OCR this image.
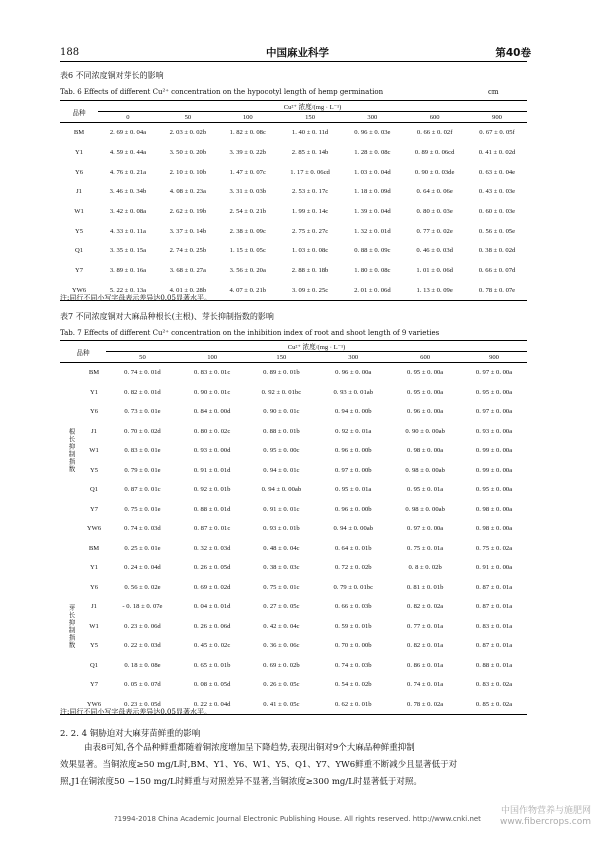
188	中国麻业科学	第40卷
表6 不同浓度铜对芽长的影响
Tab. 6 Effects of different Cu²⁺ concentration on the hypocotyl length of hemp germination	cm
品种	Cu²⁺ 浓度/(mg · L⁻¹)						
	0	50	100	150	300	600	900
BM	2. 69 ± 0. 04a	2. 03 ± 0. 02b	1. 82 ± 0. 08c	1. 40 ± 0. 11d	0. 96 ± 0. 03e	0. 66 ± 0. 02f	0. 67 ± 0. 05f
Y1	4. 59 ± 0. 44a	3. 50 ± 0. 20b	3. 39 ± 0. 22b	2. 85 ± 0. 14b	1. 28 ± 0. 08c	0. 89 ± 0. 06cd	0. 41 ± 0. 02d
Y6	4. 76 ± 0. 21a	2. 10 ± 0. 10b	1. 47 ± 0. 07c	1. 17 ± 0. 06cd	1. 03 ± 0. 04d	0. 90 ± 0. 03de	0. 63 ± 0. 04e
J1	3. 46 ± 0. 34b	4. 08 ± 0. 23a	3. 31 ± 0. 03b	2. 53 ± 0. 17c	1. 18 ± 0. 09d	0. 64 ± 0. 06e	0. 43 ± 0. 03e
W1	3. 42 ± 0. 08a	2. 62 ± 0. 19b	2. 54 ± 0. 21b	1. 99 ± 0. 14c	1. 39 ± 0. 04d	0. 80 ± 0. 03e	0. 60 ± 0. 03e
Y5	4. 33 ± 0. 11a	3. 37 ± 0. 14b	2. 38 ± 0. 09c	2. 75 ± 0. 27c	1. 32 ± 0. 01d	0. 77 ± 0. 02e	0. 56 ± 0. 05e
Q1	3. 35 ± 0. 15a	2. 74 ± 0. 25b	1. 15 ± 0. 05c	1. 03 ± 0. 08c	0. 88 ± 0. 09c	0. 46 ± 0. 03d	0. 38 ± 0. 02d
Y7	3. 89 ± 0. 16a	3. 68 ± 0. 27a	3. 56 ± 0. 20a	2. 88 ± 0. 18b	1. 80 ± 0. 08c	1. 01 ± 0. 06d	0. 66 ± 0. 07d
YW6	5. 22 ± 0. 13a	4. 01 ± 0. 28b	4. 07 ± 0. 21b	3. 09 ± 0. 25c	2. 01 ± 0. 06d	1. 13 ± 0. 09e	0. 78 ± 0. 07e
注:同行不同小写字母表示差异达0.05显著水平。
表7 不同浓度铜对大麻品种根长(主根)、芽长抑制指数的影响
Tab. 7 Effects of different Cu²⁺ concentration on the inhibition index of root and shoot length of 9 varieties
品种		Cu²⁺ 浓度/(mg · L⁻¹)					
		50	100	150	300	600	900
根长抑制指数	BM	0. 74 ± 0. 01d	0. 83 ± 0. 01c	0. 89 ± 0. 01b	0. 96 ± 0. 00a	0. 95 ± 0. 00a	0. 97 ± 0. 00a
	Y1	0. 82 ± 0. 01d	0. 90 ± 0. 01c	0. 92 ± 0. 01bc	0. 93 ± 0. 01ab	0. 95 ± 0. 00a	0. 95 ± 0. 00a
	Y6	0. 73 ± 0. 01e	0. 84 ± 0. 00d	0. 90 ± 0. 01c	0. 94 ± 0. 00b	0. 96 ± 0. 00a	0. 97 ± 0. 00a
	J1	0. 70 ± 0. 02d	0. 80 ± 0. 02c	0. 88 ± 0. 01b	0. 92 ± 0. 01a	0. 90 ± 0. 00ab	0. 93 ± 0. 00a
	W1	0. 83 ± 0. 01e	0. 93 ± 0. 00d	0. 95 ± 0. 00c	0. 96 ± 0. 00b	0. 98 ± 0. 00a	0. 99 ± 0. 00a
	Y5	0. 79 ± 0. 01e	0. 91 ± 0. 01d	0. 94 ± 0. 01c	0. 97 ± 0. 00b	0. 98 ± 0. 00ab	0. 99 ± 0. 00a
	Q1	0. 87 ± 0. 01c	0. 92 ± 0. 01b	0. 94 ± 0. 00ab	0. 95 ± 0. 01a	0. 95 ± 0. 01a	0. 95 ± 0. 00a
	Y7	0. 75 ± 0. 01e	0. 88 ± 0. 01d	0. 91 ± 0. 01c	0. 96 ± 0. 00b	0. 98 ± 0. 00ab	0. 98 ± 0. 00a
	YW6	0. 74 ± 0. 03d	0. 87 ± 0. 01c	0. 93 ± 0. 01b	0. 94 ± 0. 00ab	0. 97 ± 0. 00a	0. 98 ± 0. 00a
芽长抑制指数	BM	0. 25 ± 0. 01e	0. 32 ± 0. 03d	0. 48 ± 0. 04c	0. 64 ± 0. 01b	0. 75 ± 0. 01a	0. 75 ± 0. 02a
	Y1	0. 24 ± 0. 04d	0. 26 ± 0. 05d	0. 38 ± 0. 03c	0. 72 ± 0. 02b	0. 8 ± 0. 02b	0. 91 ± 0. 00a
	Y6	0. 56 ± 0. 02e	0. 69 ± 0. 02d	0. 75 ± 0. 01c	0. 79 ± 0. 01bc	0. 81 ± 0. 01b	0. 87 ± 0. 01a
	J1	- 0. 18 ± 0. 07e	0. 04 ± 0. 01d	0. 27 ± 0. 05c	0. 66 ± 0. 03b	0. 82 ± 0. 02a	0. 87 ± 0. 01a
	W1	0. 23 ± 0. 06d	0. 26 ± 0. 06d	0. 42 ± 0. 04c	0. 59 ± 0. 01b	0. 77 ± 0. 01a	0. 83 ± 0. 01a
	Y5	0. 22 ± 0. 03d	0. 45 ± 0. 02c	0. 36 ± 0. 06c	0. 70 ± 0. 00b	0. 82 ± 0. 01a	0. 87 ± 0. 01a
	Q1	0. 18 ± 0. 08e	0. 65 ± 0. 01b	0. 69 ± 0. 02b	0. 74 ± 0. 03b	0. 86 ± 0. 01a	0. 88 ± 0. 01a
	Y7	0. 05 ± 0. 07d	0. 08 ± 0. 05d	0. 26 ± 0. 05c	0. 54 ± 0. 02b	0. 74 ± 0. 01a	0. 83 ± 0. 02a
	YW6	0. 23 ± 0. 05d	0. 22 ± 0. 04d	0. 41 ± 0. 05c	0. 62 ± 0. 01b	0. 78 ± 0. 02a	0. 85 ± 0. 02a
注:同行不同小写字母表示差异达0.05显著水平。
2. 2. 4 铜胁迫对大麻芽苗鲜重的影响
由表8可知,各个品种鲜重都随着铜浓度增加呈下降趋势,表现出铜对9个大麻品种鲜重抑制
效果显著。当铜浓度≥50 mg/L时,BM、Y1、Y6、W1、Y5、Q1、Y7、YW6鲜重不断减少且显著低于对
照,J1在铜浓度50 ~150 mg/L时鲜重与对照差异不显著,当铜浓度≥300 mg/L时显著低于对照。
?1994-2018 China Academic Journal Electronic Publishing House. All rights reserved. http://www.cnki.net
中国作物营养与施肥网
www.fibercrops.com
